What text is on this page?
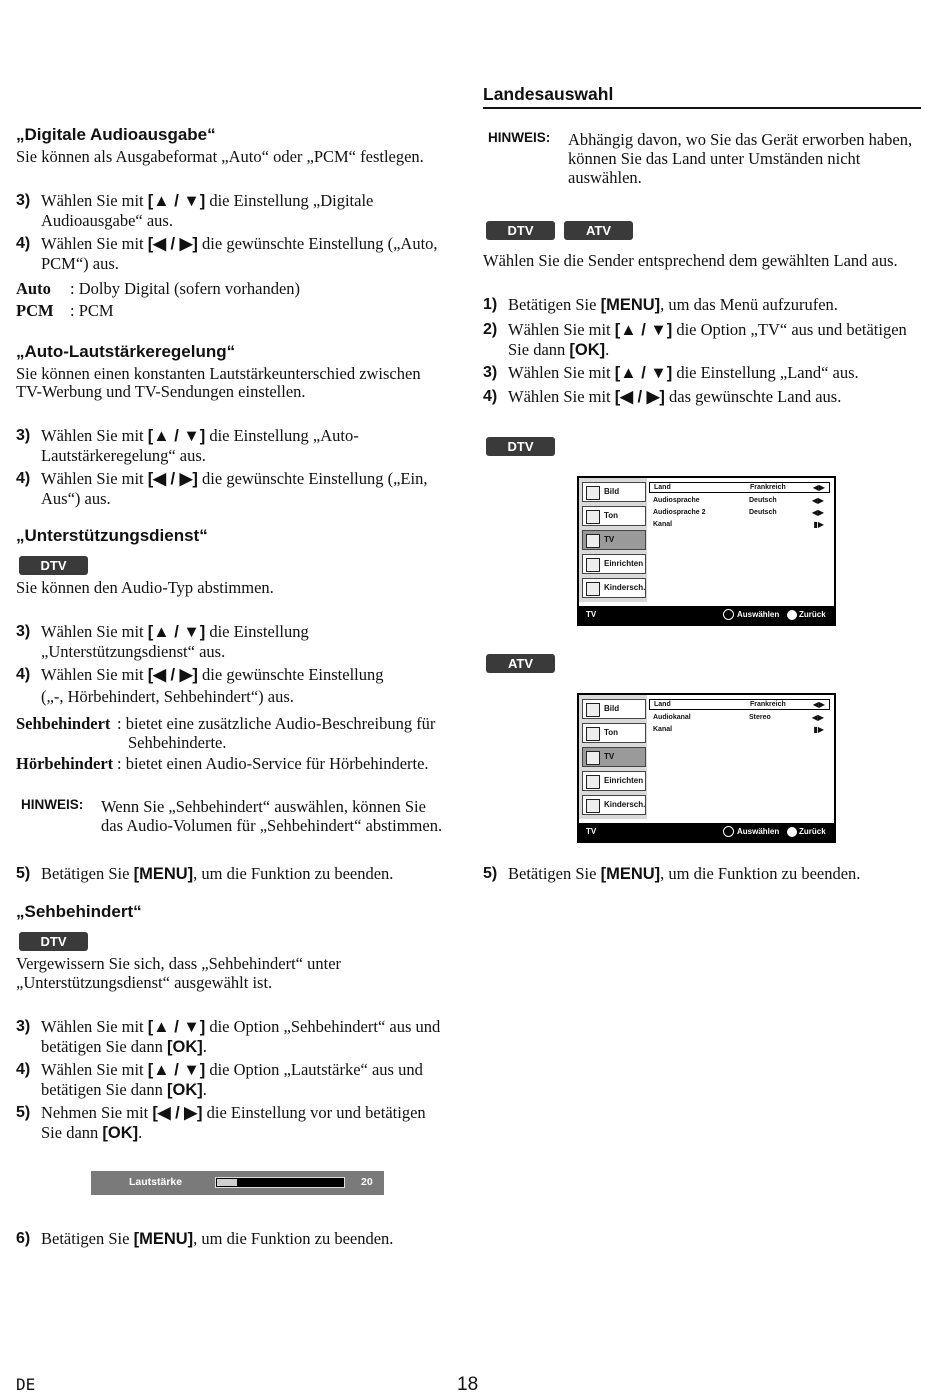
„Digitale Audioausgabe“
Sie können als Ausgabeformat „Auto“ oder „PCM“ festlegen.
3) Wählen Sie mit [▲ / ▼] die Einstellung „Digitale
Audioausgabe“ aus.
4) Wählen Sie mit [◀ / ▶] die gewünschte Einstellung („Auto,
PCM“) aus.
Auto : Dolby Digital (sofern vorhanden)
PCM : PCM
„Auto-Lautstärkeregelung“
Sie können einen konstanten Lautstärkeunterschied zwischen
TV-Werbung und TV-Sendungen einstellen.
3) Wählen Sie mit [▲ / ▼] die Einstellung „Auto-
Lautstärkeregelung“ aus.
4) Wählen Sie mit [◀ / ▶] die gewünschte Einstellung („Ein,
Aus“) aus.
„Unterstützungsdienst“
DTV
Sie können den Audio-Typ abstimmen.
3) Wählen Sie mit [▲ / ▼] die Einstellung
„Unterstützungsdienst“ aus.
4) Wählen Sie mit [◀ / ▶] die gewünschte Einstellung
(„-, Hörbehindert, Sehbehindert“) aus.
Sehbehindert : bietet eine zusätzliche Audio-Beschreibung für
Sehbehinderte.
Hörbehindert : bietet einen Audio-Service für Hörbehinderte.
HINWEIS: Wenn Sie „Sehbehindert“ auswählen, können Sie
das Audio-Volumen für „Sehbehindert“ abstimmen.
5) Betätigen Sie [MENU], um die Funktion zu beenden.
„Sehbehindert“
DTV
Vergewissern Sie sich, dass „Sehbehindert“ unter
„Unterstützungsdienst“ ausgewählt ist.
3) Wählen Sie mit [▲ / ▼] die Option „Sehbehindert“ aus und
betätigen Sie dann [OK].
4) Wählen Sie mit [▲ / ▼] die Option „Lautstärke“ aus und
betätigen Sie dann [OK].
5) Nehmen Sie mit [◀ / ▶] die Einstellung vor und betätigen
Sie dann [OK].
Lautstärke	20
6) Betätigen Sie [MENU], um die Funktion zu beenden.
Landesauswahl
HINWEIS: Abhängig davon, wo Sie das Gerät erworben haben,
können Sie das Land unter Umständen nicht
auswählen.
DTV	ATV
Wählen Sie die Sender entsprechend dem gewählten Land aus.
1) Betätigen Sie [MENU], um das Menü aufzurufen.
2) Wählen Sie mit [▲ / ▼] die Option „TV“ aus und betätigen
Sie dann [OK].
3) Wählen Sie mit [▲ / ▼] die Einstellung „Land“ aus.
4) Wählen Sie mit [◀ / ▶] das gewünschte Land aus.
DTV
Bild
Ton
TV
Einrichten
Kindersch.
Land	Frankreich	◀▶
Audiosprache	Deutsch	◀▶
Audiosprache 2	Deutsch	◀▶
Kanal	▮▶
TV	Auswählen Zurück
ATV
Bild
Ton
TV
Einrichten
Kindersch.
Land	Frankreich	◀▶
Audiokanal	Stereo	◀▶
Kanal	▮▶
TV	Auswählen Zurück
5) Betätigen Sie [MENU], um die Funktion zu beenden.
DE	18
